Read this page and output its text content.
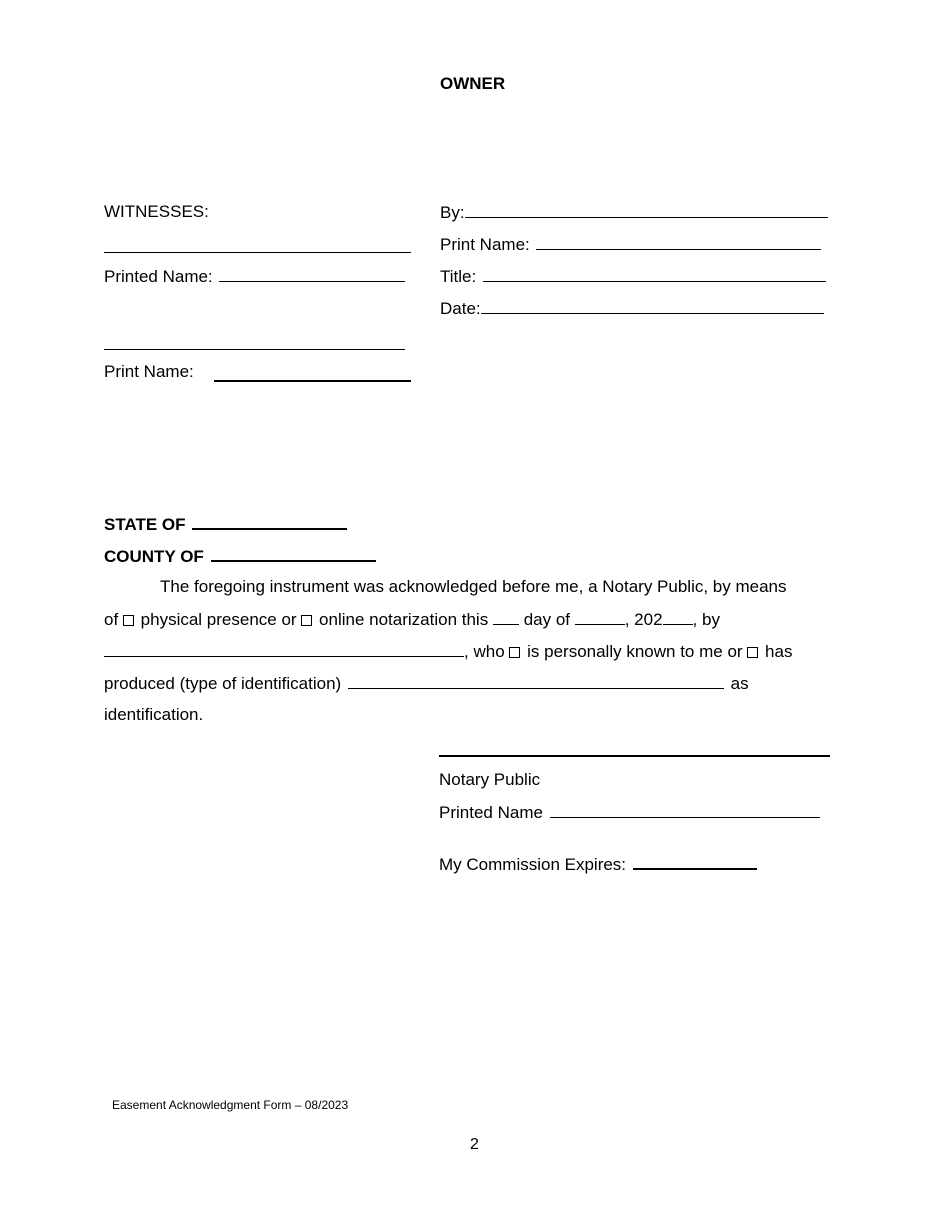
OWNER
WITNESSES:
Printed Name:
Print Name:
By:
Print Name:
Title:
Date:
STATE OF
COUNTY OF
The foregoing instrument was acknowledged before me, a Notary Public, by means
of physical presence or online notarization this day of	, 202 , by
, who is personally known to me or has
produced (type of identification)	as
identification.
Notary Public
Printed Name
My Commission Expires:
Easement Acknowledgment Form – 08/2023
2
